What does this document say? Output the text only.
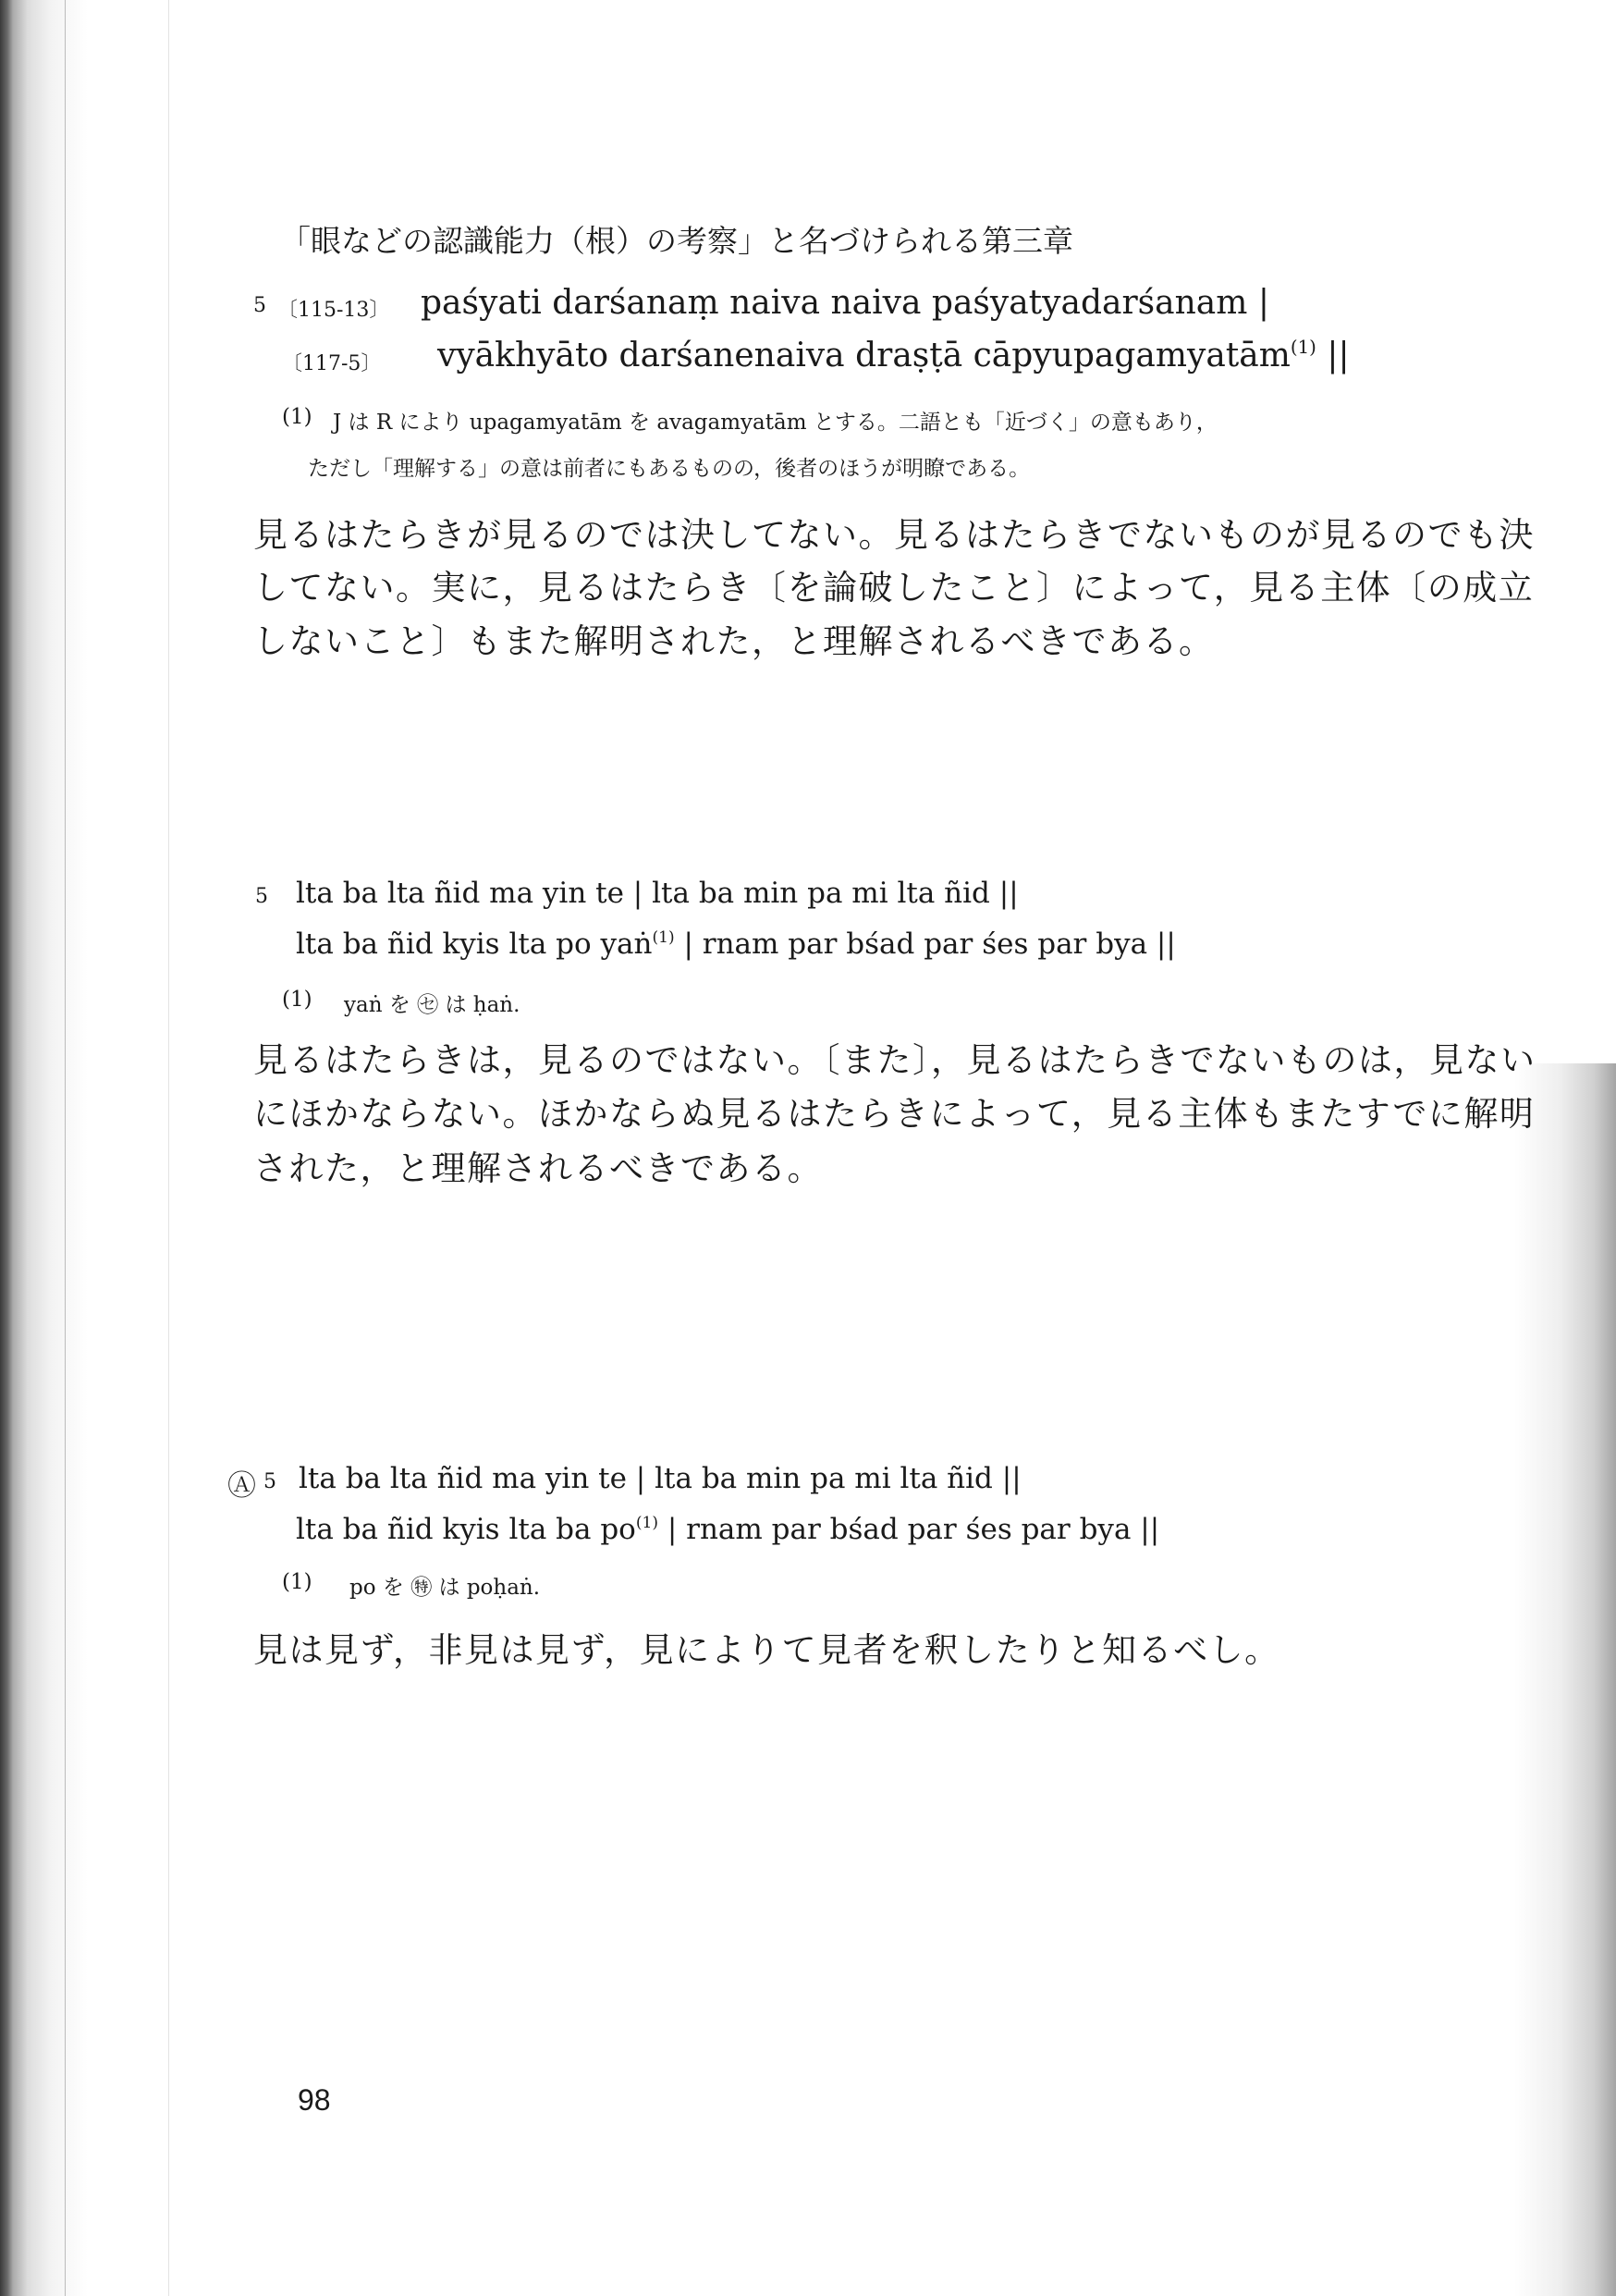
「眼などの認識能力（根）の考察」と名づけられる第三章
5 〔115-13〕 paśyati darśanaṃ naiva naiva paśyatyadarśanam |
〔117-5〕 vyākhyāto darśanenaiva draṣṭā cāpyupagamyatām$^{(1)}$ ||
(1) J は R により upagamyatām を avagamyatām とする。二語とも「近づく」の意もあり，
ただし「理解する」の意は前者にもあるものの，後者のほうが明瞭である。
見るはたらきが見るのでは決してない。見るはたらきでないものが見るのでも決
してない。実に，見るはたらき〔を論破したこと〕によって，見る主体〔の成立
しないこと〕もまた解明された，と理解されるべきである。
5 lta ba lta ñid ma yin te | lta ba min pa mi lta ñid ||
lta ba ñid kyis lta po yaṅ$^{(1)}$ | rnam par bśad par śes par bya ||
(1) yaṅ を ㋝ は ḥaṅ.
見るはたらきは，見るのではない。〔また〕，見るはたらきでないものは，見ない
にほかならない。ほかならぬ見るはたらきによって，見る主体もまたすでに解明
された，と理解されるべきである。
Ⓐ 5 lta ba lta ñid ma yin te | lta ba min pa mi lta ñid ||
lta ba ñid kyis lta ba $po^{(1)}$ | rnam par bśad par śes par bya ||
(1) po を ㊕ は poḥaṅ.
見は見ず，非見は見ず，見によりて見者を釈したりと知るべし。
98
